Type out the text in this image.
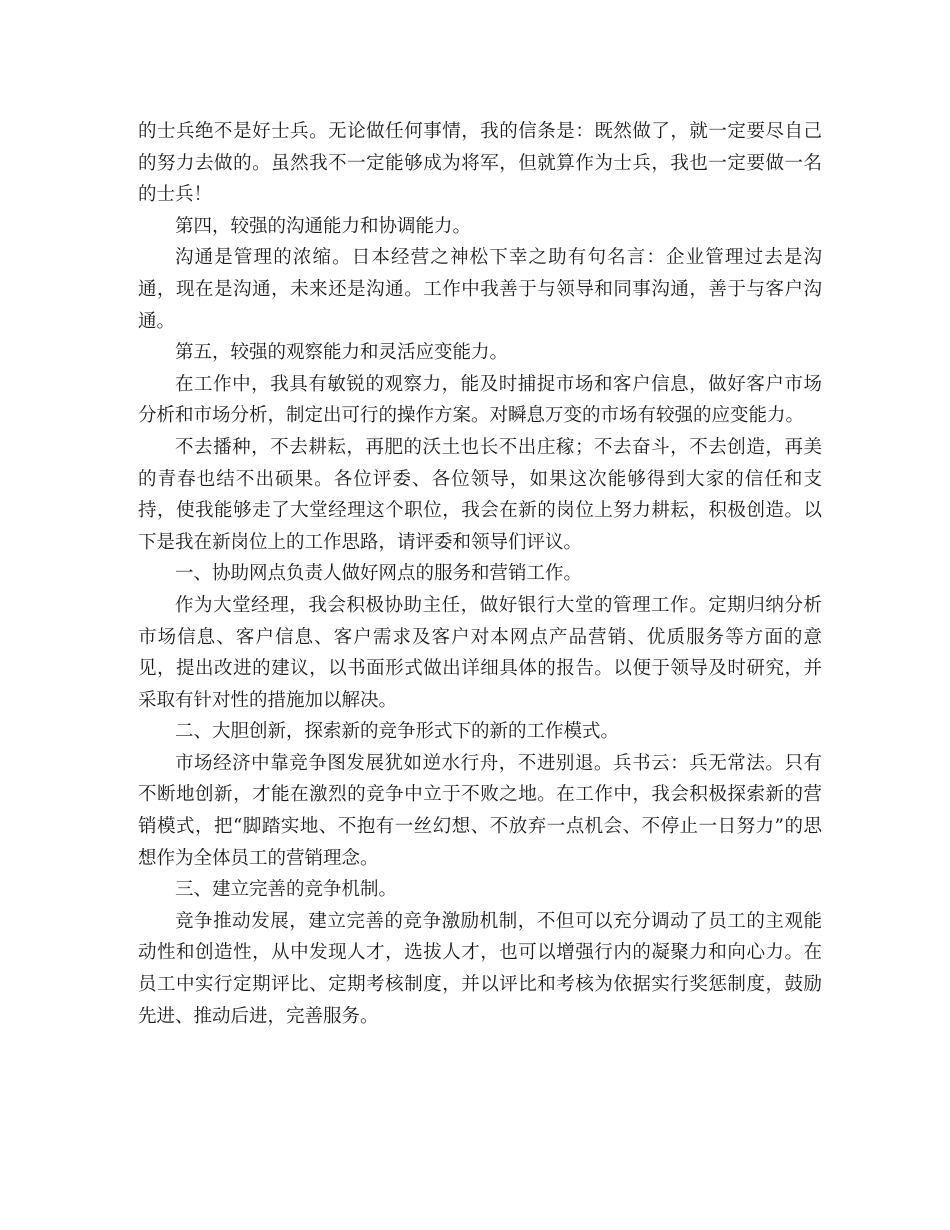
的士兵绝不是好士兵。无论做任何事情，我的信条是：既然做了，就一定要尽自己的努力去做的。虽然我不一定能够成为将军，但就算作为士兵，我也一定要做一名的士兵！

第四，较强的沟通能力和协调能力。

沟通是管理的浓缩。日本经营之神松下幸之助有句名言：企业管理过去是沟通，现在是沟通，未来还是沟通。工作中我善于与领导和同事沟通，善于与客户沟通。

第五，较强的观察能力和灵活应变能力。

在工作中，我具有敏锐的观察力，能及时捕捉市场和客户信息，做好客户市场分析和市场分析，制定出可行的操作方案。对瞬息万变的市场有较强的应变能力。

不去播种，不去耕耘，再肥的沃土也长不出庄稼；不去奋斗，不去创造，再美的青春也结不出硕果。各位评委、各位领导，如果这次能够得到大家的信任和支持，使我能够走了大堂经理这个职位，我会在新的岗位上努力耕耘，积极创造。以下是我在新岗位上的工作思路，请评委和领导们评议。

一、协助网点负责人做好网点的服务和营销工作。

作为大堂经理，我会积极协助主任，做好银行大堂的管理工作。定期归纳分析市场信息、客户信息、客户需求及客户对本网点产品营销、优质服务等方面的意见，提出改进的建议，以书面形式做出详细具体的报告。以便于领导及时研究，并采取有针对性的措施加以解决。

二、大胆创新，探索新的竞争形式下的新的工作模式。

市场经济中靠竞争图发展犹如逆水行舟，不进别退。兵书云：兵无常法。只有不断地创新，才能在激烈的竞争中立于不败之地。在工作中，我会积极探索新的营销模式，把“脚踏实地、不抱有一丝幻想、不放弃一点机会、不停止一日努力”的思想作为全体员工的营销理念。

三、建立完善的竞争机制。

竞争推动发展，建立完善的竞争激励机制，不但可以充分调动了员工的主观能动性和创造性，从中发现人才，选拔人才，也可以增强行内的凝聚力和向心力。在员工中实行定期评比、定期考核制度，并以评比和考核为依据实行奖惩制度，鼓励先进、推动后进，完善服务。
